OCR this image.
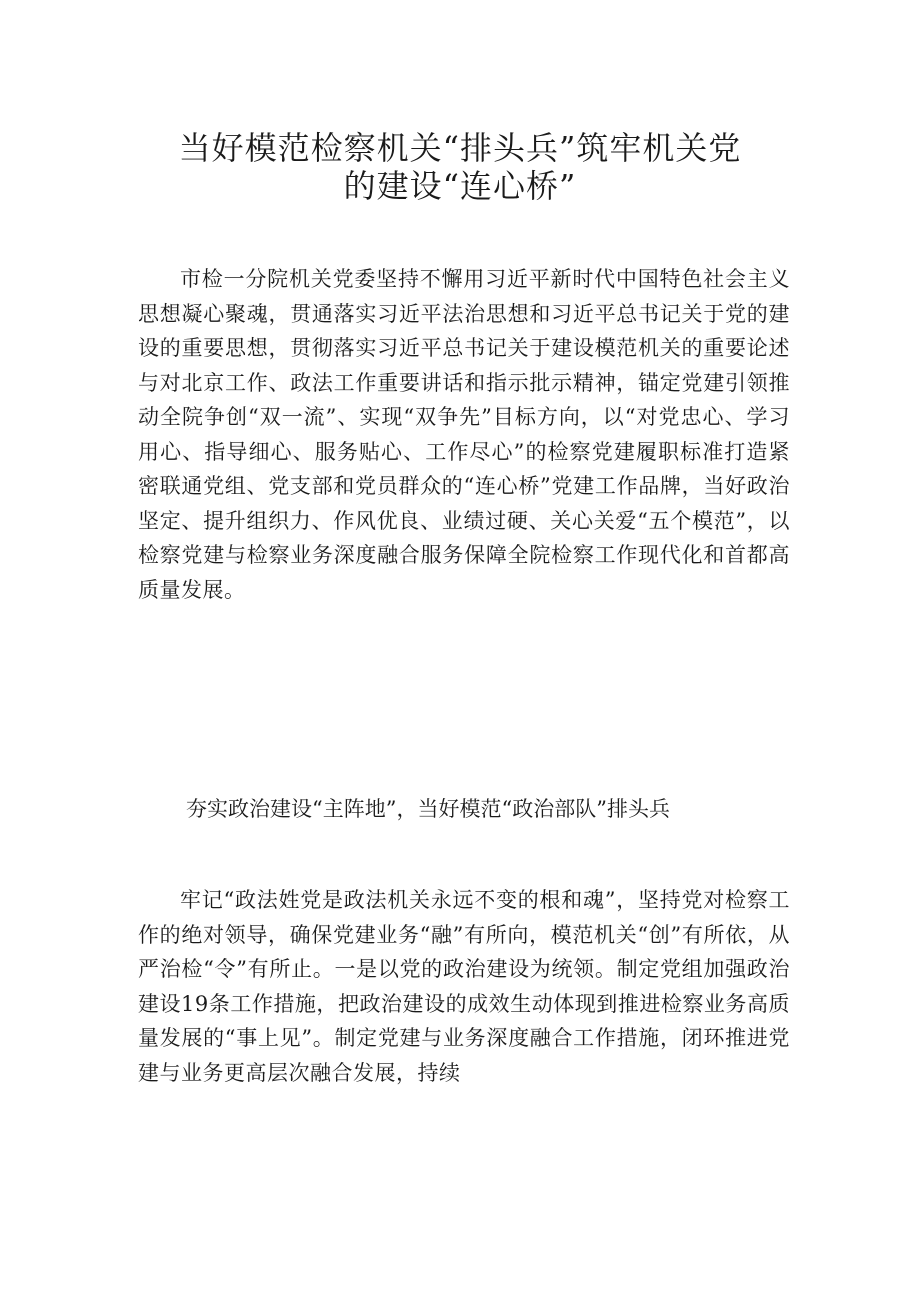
当好模范检察机关“排头兵”筑牢机关党
的建设“连心桥”

市检一分院机关党委坚持不懈用习近平新时代中国特色社会主义思想凝心聚魂，贯通落实习近平法治思想和习近平总书记关于党的建设的重要思想，贯彻落实习近平总书记关于建设模范机关的重要论述与对北京工作、政法工作重要讲话和指示批示精神，锚定党建引领推动全院争创“双一流”、实现“双争先”目标方向，以“对党忠心、学习用心、指导细心、服务贴心、工作尽心”的检察党建履职标准打造紧密联通党组、党支部和党员群众的“连心桥”党建工作品牌，当好政治坚定、提升组织力、作风优良、业绩过硬、关心关爱“五个模范”，以检察党建与检察业务深度融合服务保障全院检察工作现代化和首都高质量发展。

夯实政治建设“主阵地”，当好模范“政治部队”排头兵

牢记“政法姓党是政法机关永远不变的根和魂”，坚持党对检察工作的绝对领导，确保党建业务“融”有所向，模范机关“创”有所依，从严治检“令”有所止。一是以党的政治建设为统领。制定党组加强政治建设19条工作措施，把政治建设的成效生动体现到推进检察业务高质量发展的“事上见”。制定党建与业务深度融合工作措施，闭环推进党建与业务更高层次融合发展，持续
